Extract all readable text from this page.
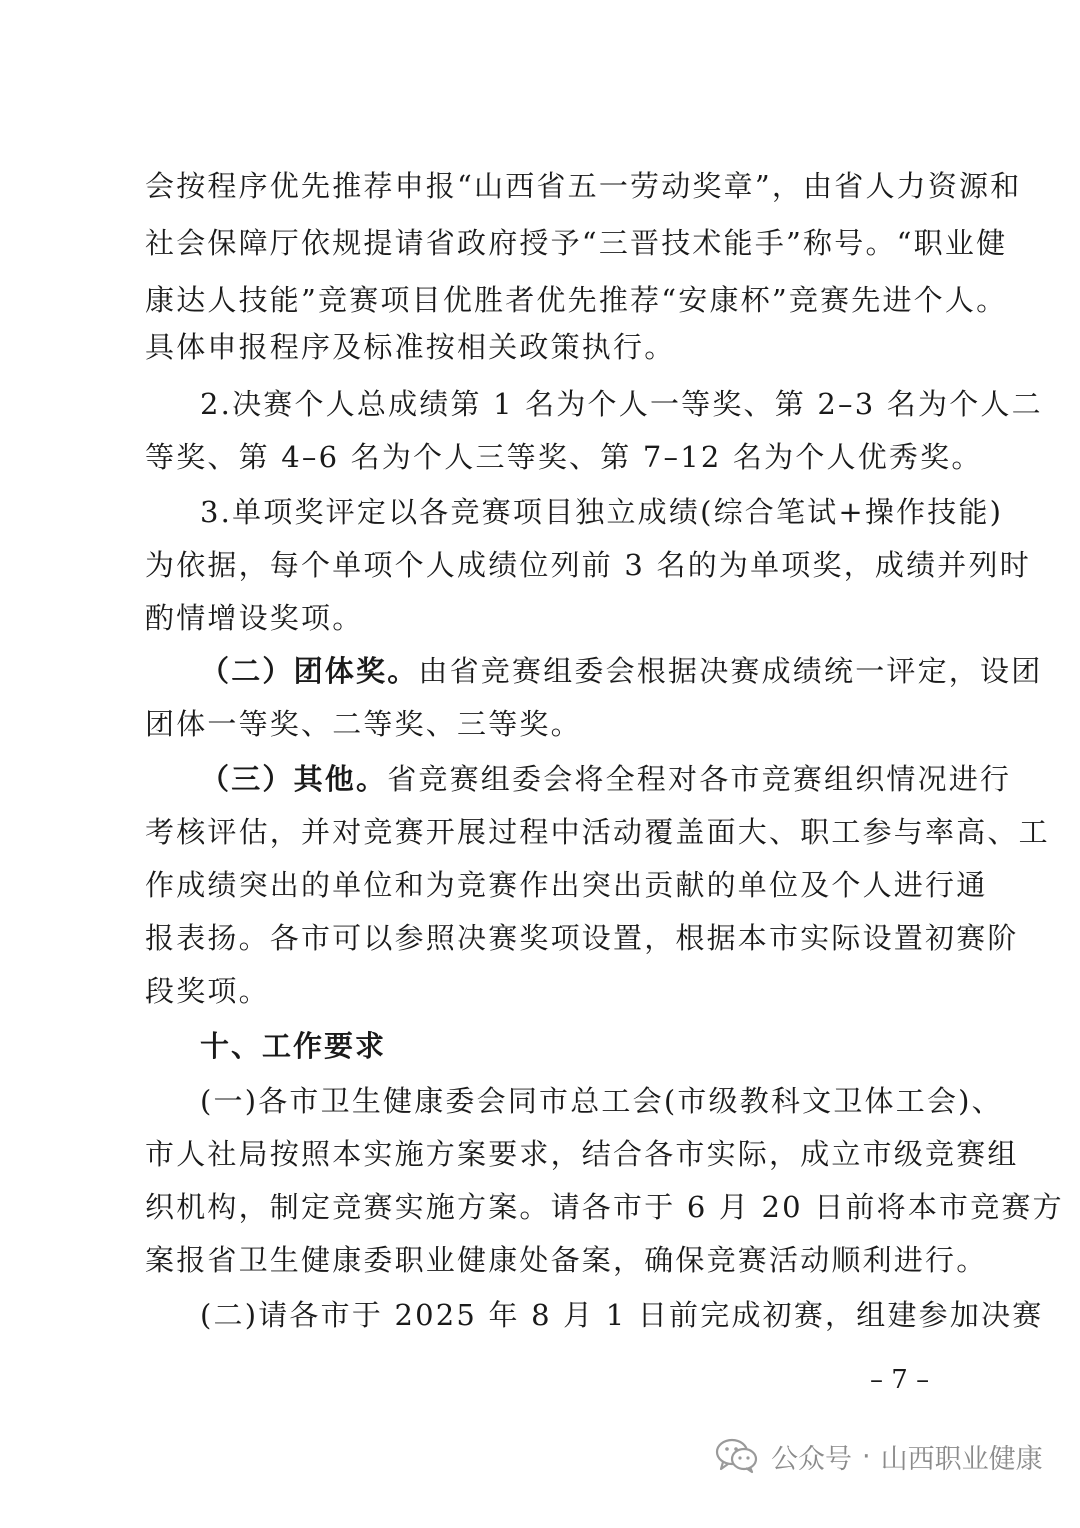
会按程序优先推荐申报“山西省五一劳动奖章”，由省人力资源和
社会保障厅依规提请省政府授予“三晋技术能手”称号。“职业健
康达人技能”竞赛项目优胜者优先推荐“安康杯”竞赛先进个人。
具体申报程序及标准按相关政策执行。
2.决赛个人总成绩第 1 名为个人一等奖、第 2–3 名为个人二
等奖、第 4–6 名为个人三等奖、第 7–12 名为个人优秀奖。
3.单项奖评定以各竞赛项目独立成绩(综合笔试+操作技能)
为依据，每个单项个人成绩位列前 3 名的为单项奖，成绩并列时
酌情增设奖项。
（二）团体奖。由省竞赛组委会根据决赛成绩统一评定，设团
团体一等奖、二等奖、三等奖。
（三）其他。省竞赛组委会将全程对各市竞赛组织情况进行
考核评估，并对竞赛开展过程中活动覆盖面大、职工参与率高、工
作成绩突出的单位和为竞赛作出突出贡献的单位及个人进行通
报表扬。各市可以参照决赛奖项设置，根据本市实际设置初赛阶
段奖项。
十、工作要求
(一)各市卫生健康委会同市总工会(市级教科文卫体工会)、
市人社局按照本实施方案要求，结合各市实际，成立市级竞赛组
织机构，制定竞赛实施方案。请各市于 6 月 20 日前将本市竞赛方
案报省卫生健康委职业健康处备案，确保竞赛活动顺利进行。
(二)请各市于 2025 年 8 月 1 日前完成初赛，组建参加决赛
– 7 –
公众号 · 山西职业健康
